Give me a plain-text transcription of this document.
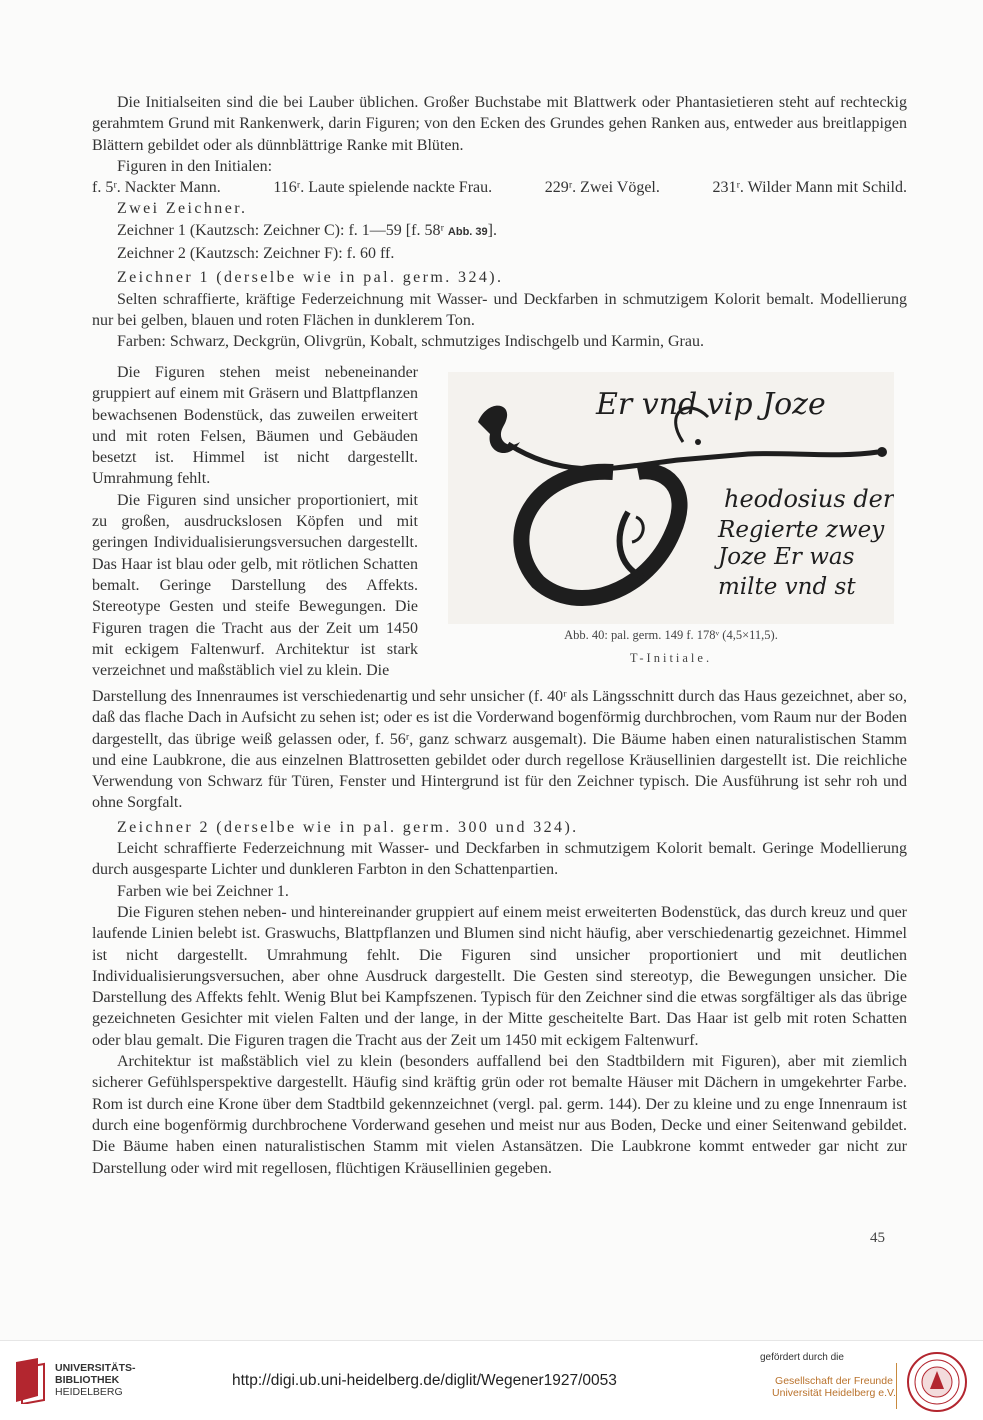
Die Initialseiten sind die bei Lauber üblichen. Großer Buchstabe mit Blattwerk oder Phantasietieren steht auf rechteckig gerahmtem Grund mit Rankenwerk, darin Figuren; von den Ecken des Grundes gehen Ranken aus, entweder aus breitlappigen Blättern gebildet oder als dünnblättrige Ranke mit Blüten.

Figuren in den Initialen:

f. 5ʳ. Nackter Mann.	116ʳ. Laute spielende nackte Frau.	229ʳ. Zwei Vögel.	231ʳ. Wilder Mann mit Schild.

Zwei Zeichner.

Zeichner 1 (Kautzsch: Zeichner C): f. 1—59 [f. 58ʳ Abb. 39].

Zeichner 2 (Kautzsch: Zeichner F): f. 60 ff.

Zeichner 1 (derselbe wie in pal. germ. 324).

Selten schraffierte, kräftige Federzeichnung mit Wasser- und Deckfarben in schmutzigem Kolorit bemalt. Modellierung nur bei gelben, blauen und roten Flächen in dunklerem Ton.

Farben: Schwarz, Deckgrün, Olivgrün, Kobalt, schmutziges Indischgelb und Karmin, Grau.

Die Figuren stehen meist nebeneinander gruppiert auf einem mit Gräsern und Blattpflanzen bewachsenen Bodenstück, das zuweilen erweitert und mit roten Felsen, Bäumen und Gebäuden besetzt ist. Himmel ist nicht dargestellt. Umrahmung fehlt.

Die Figuren sind unsicher proportioniert, mit zu großen, ausdruckslosen Köpfen und mit geringen Individualisierungsversuchen dargestellt. Das Haar ist blau oder gelb, mit rötlichen Schatten bemalt. Geringe Darstellung des Affekts. Stereotype Gesten und steife Bewegungen. Die Figuren tragen die Tracht aus der Zeit um 1450 mit eckigem Faltenwurf. Architektur ist stark verzeichnet und maßstäblich viel zu klein. Die

Er vnd vip Joze
heodosius der
Regierte zwey
Joze Er was
milte vnd st
Abb. 40: pal. germ. 149 f. 178ᵛ (4,5×11,5).
T-Initiale.

Darstellung des Innenraumes ist verschiedenartig und sehr unsicher (f. 40ʳ als Längsschnitt durch das Haus gezeichnet, aber so, daß das flache Dach in Aufsicht zu sehen ist; oder es ist die Vorderwand bogenförmig durchbrochen, vom Raum nur der Boden dargestellt, das übrige weiß gelassen oder, f. 56ʳ, ganz schwarz ausgemalt). Die Bäume haben einen naturalistischen Stamm und eine Laubkrone, die aus einzelnen Blattrosetten gebildet oder durch regellose Kräusellinien dargestellt ist. Die reichliche Verwendung von Schwarz für Türen, Fenster und Hintergrund ist für den Zeichner typisch. Die Ausführung ist sehr roh und ohne Sorgfalt.

Zeichner 2 (derselbe wie in pal. germ. 300 und 324).

Leicht schraffierte Federzeichnung mit Wasser- und Deckfarben in schmutzigem Kolorit bemalt. Geringe Modellierung durch ausgesparte Lichter und dunkleren Farbton in den Schattenpartien.

Farben wie bei Zeichner 1.

Die Figuren stehen neben- und hintereinander gruppiert auf einem meist erweiterten Bodenstück, das durch kreuz und quer laufende Linien belebt ist. Graswuchs, Blattpflanzen und Blumen sind nicht häufig, aber verschiedenartig gezeichnet. Himmel ist nicht dargestellt. Umrahmung fehlt. Die Figuren sind unsicher proportioniert und mit deutlichen Individualisierungsversuchen, aber ohne Ausdruck dargestellt. Die Gesten sind stereotyp, die Bewegungen unsicher. Die Darstellung des Affekts fehlt. Wenig Blut bei Kampfszenen. Typisch für den Zeichner sind die etwas sorgfältiger als das übrige gezeichneten Gesichter mit vielen Falten und der lange, in der Mitte gescheitelte Bart. Das Haar ist gelb mit roten Schatten oder blau gemalt. Die Figuren tragen die Tracht aus der Zeit um 1450 mit eckigem Faltenwurf.

Architektur ist maßstäblich viel zu klein (besonders auffallend bei den Stadtbildern mit Figuren), aber mit ziemlich sicherer Gefühlsperspektive dargestellt. Häufig sind kräftig grün oder rot bemalte Häuser mit Dächern in umgekehrter Farbe. Rom ist durch eine Krone über dem Stadtbild gekennzeichnet (vergl. pal. germ. 144). Der zu kleine und zu enge Innenraum ist durch eine bogenförmig durchbrochene Vorderwand gesehen und meist nur aus Boden, Decke und einer Seitenwand gebildet. Die Bäume haben einen naturalistischen Stamm mit vielen Astansätzen. Die Laubkrone kommt entweder gar nicht zur Darstellung oder wird mit regellosen, flüchtigen Kräusellinien gegeben.

45
UNIVERSITÄTS-
BIBLIOTHEK
HEIDELBERG
http://digi.ub.uni-heidelberg.de/diglit/Wegener1927/0053
gefördert durch die
Gesellschaft der Freunde
Universität Heidelberg e.V.
